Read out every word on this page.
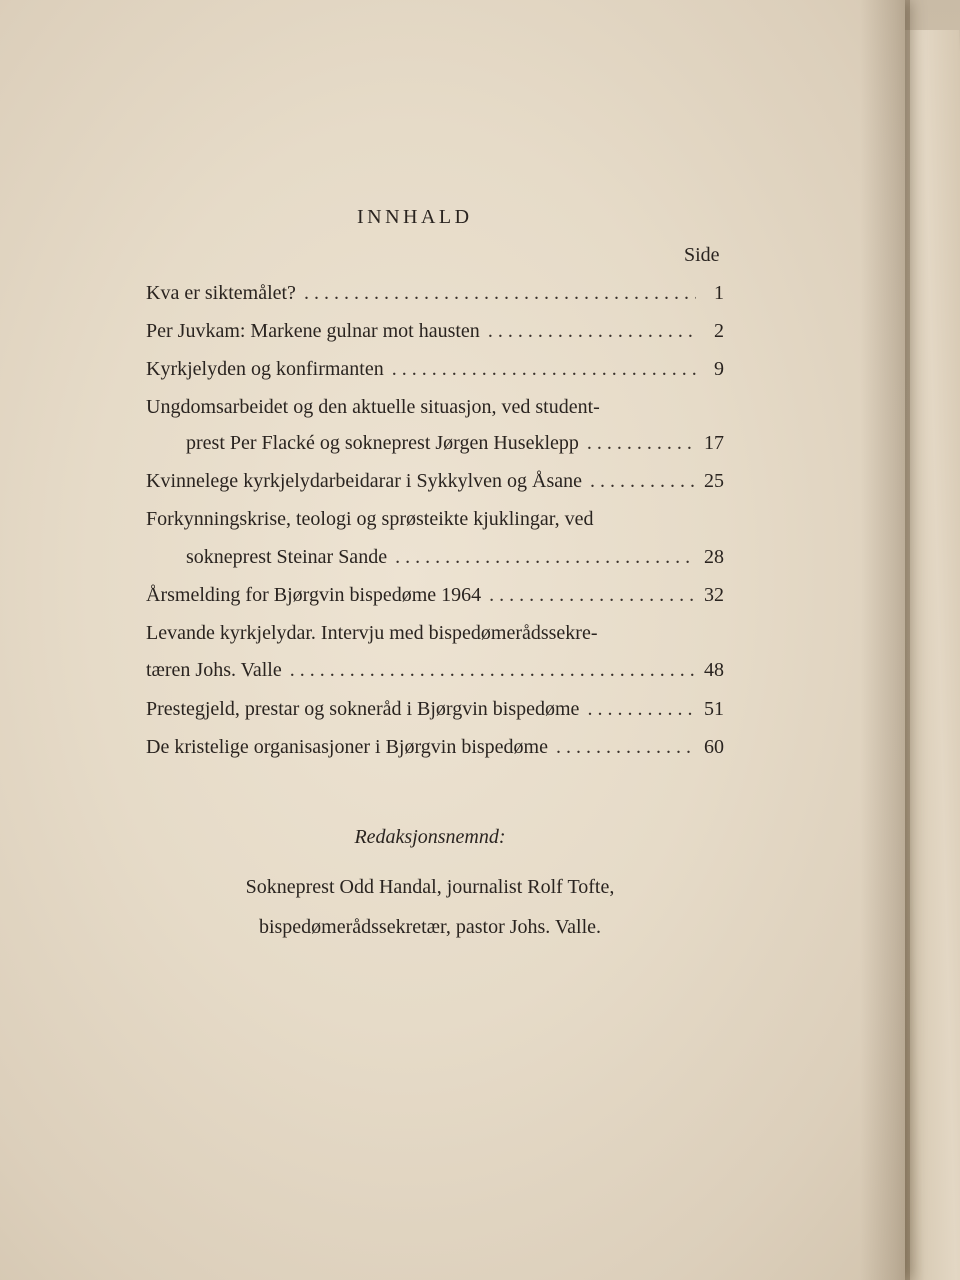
INNHALD
Side
Kva er siktemålet? . . .	1
Per Juvkam: Markene gulnar mot hausten . . .	2
Kyrkjelyden og konfirmanten . . .	9
Ungdomsarbeidet og den aktuelle situasjon, ved student-
prest Per Flacké og sokneprest Jørgen Huseklepp . . .	17
Kvinnelege kyrkjelydarbeidarar i Sykkylven og Åsane . . .	25
Forkynningskrise, teologi og sprøsteikte kjuklingar, ved
sokneprest Steinar Sande . . .	28
Årsmelding for Bjørgvin bispedøme 1964 . . .	32
Levande kyrkjelydar. Intervju med bispedømerådssekre-
tæren Johs. Valle . . .	48
Prestegjeld, prestar og sokneråd i Bjørgvin bispedøme . . .	51
De kristelige organisasjoner i Bjørgvin bispedøme . . .	60
Redaksjonsnemnd:
Sokneprest Odd Handal, journalist Rolf Tofte,
bispedømerådssekretær, pastor Johs. Valle.
